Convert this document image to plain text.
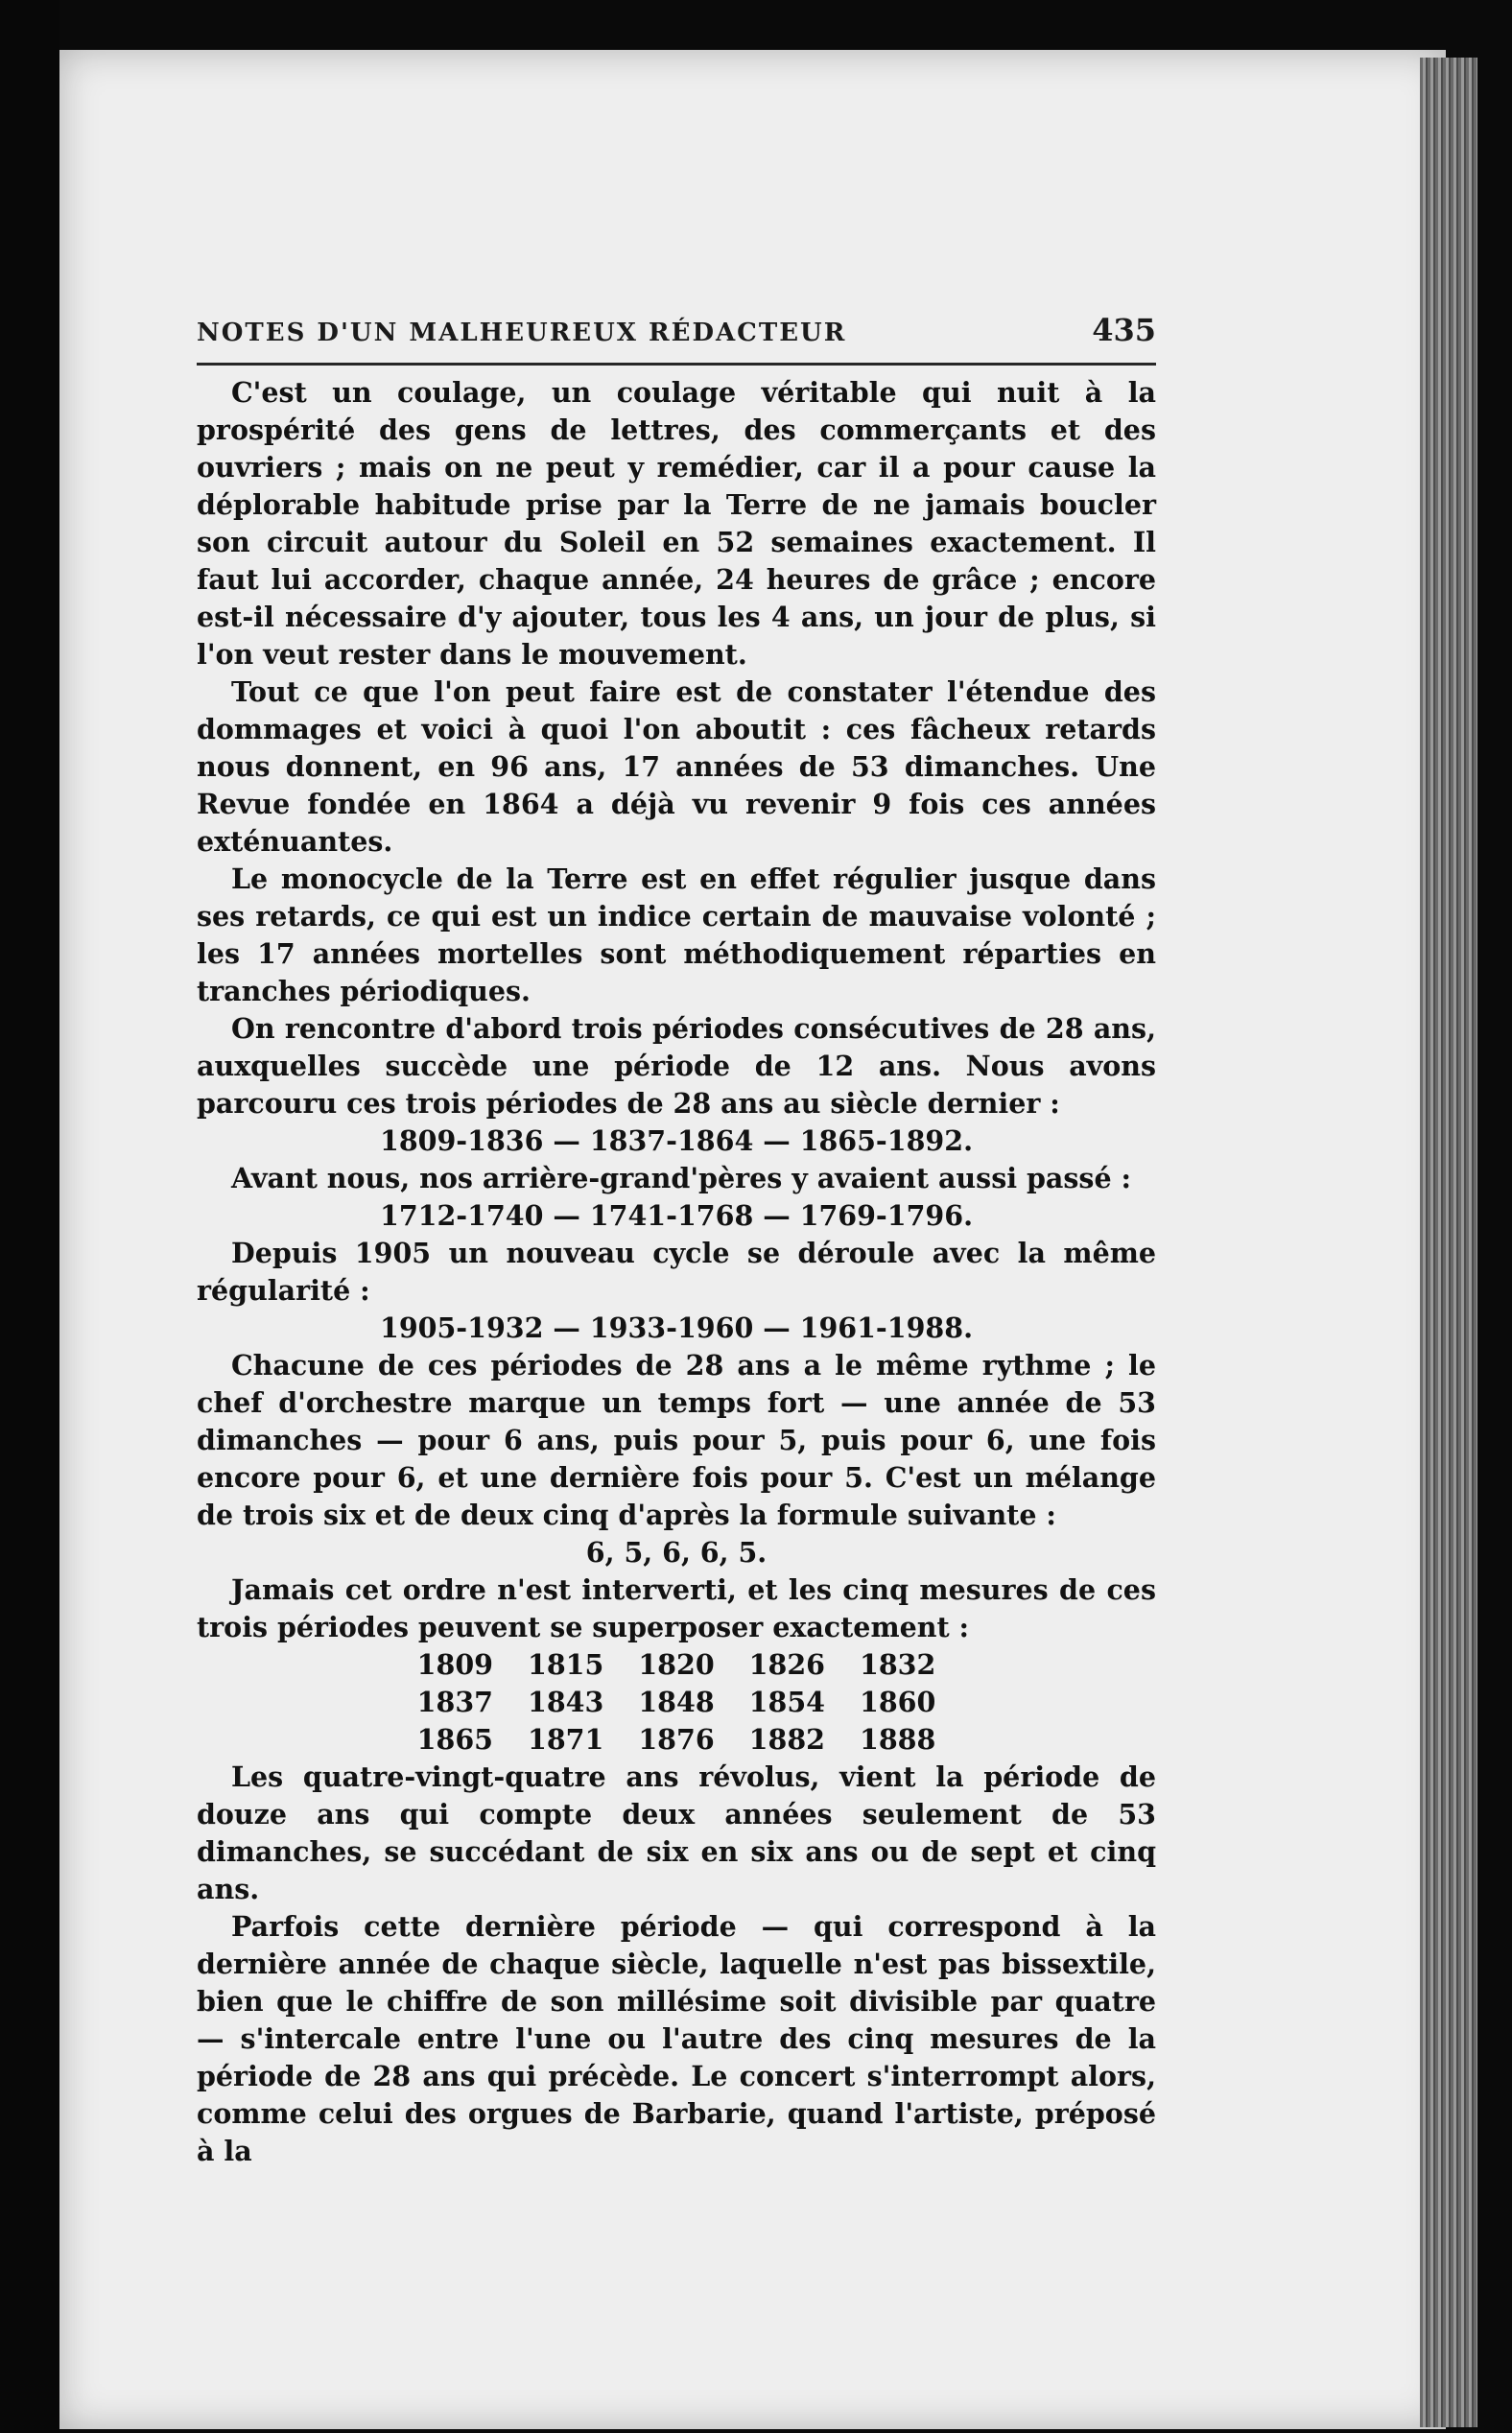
NOTES D'UN MALHEUREUX RÉDACTEUR	435

C'est un coulage, un coulage véritable qui nuit à la prospérité des gens de lettres, des commerçants et des ouvriers ; mais on ne peut y remédier, car il a pour cause la déplorable habitude prise par la Terre de ne jamais boucler son circuit autour du Soleil en 52 semaines exactement. Il faut lui accorder, chaque année, 24 heures de grâce ; encore est-il nécessaire d'y ajouter, tous les 4 ans, un jour de plus, si l'on veut rester dans le mouvement.

Tout ce que l'on peut faire est de constater l'étendue des dommages et voici à quoi l'on aboutit : ces fâcheux retards nous donnent, en 96 ans, 17 années de 53 dimanches. Une Revue fondée en 1864 a déjà vu revenir 9 fois ces années exténuantes.

Le monocycle de la Terre est en effet régulier jusque dans ses retards, ce qui est un indice certain de mauvaise volonté ; les 17 années mortelles sont méthodiquement réparties en tranches périodiques.

On rencontre d'abord trois périodes consécutives de 28 ans, auxquelles succède une période de 12 ans. Nous avons parcouru ces trois périodes de 28 ans au siècle dernier :

1809-1836 — 1837-1864 — 1865-1892.

Avant nous, nos arrière-grand'pères y avaient aussi passé :

1712-1740 — 1741-1768 — 1769-1796.

Depuis 1905 un nouveau cycle se déroule avec la même régularité :

1905-1932 — 1933-1960 — 1961-1988.

Chacune de ces périodes de 28 ans a le même rythme ; le chef d'orchestre marque un temps fort — une année de 53 dimanches — pour 6 ans, puis pour 5, puis pour 6, une fois encore pour 6, et une dernière fois pour 5. C'est un mélange de trois six et de deux cinq d'après la formule suivante :

6, 5, 6, 6, 5.

Jamais cet ordre n'est interverti, et les cinq mesures de ces trois périodes peuvent se superposer exactement :

1809	1815	1820	1826	1832
1837	1843	1848	1854	1860
1865	1871	1876	1882	1888

Les quatre-vingt-quatre ans révolus, vient la période de douze ans qui compte deux années seulement de 53 dimanches, se succédant de six en six ans ou de sept et cinq ans.

Parfois cette dernière période — qui correspond à la dernière année de chaque siècle, laquelle n'est pas bissextile, bien que le chiffre de son millésime soit divisible par quatre — s'intercale entre l'une ou l'autre des cinq mesures de la période de 28 ans qui précède. Le concert s'interrompt alors, comme celui des orgues de Barbarie, quand l'artiste, préposé à la
